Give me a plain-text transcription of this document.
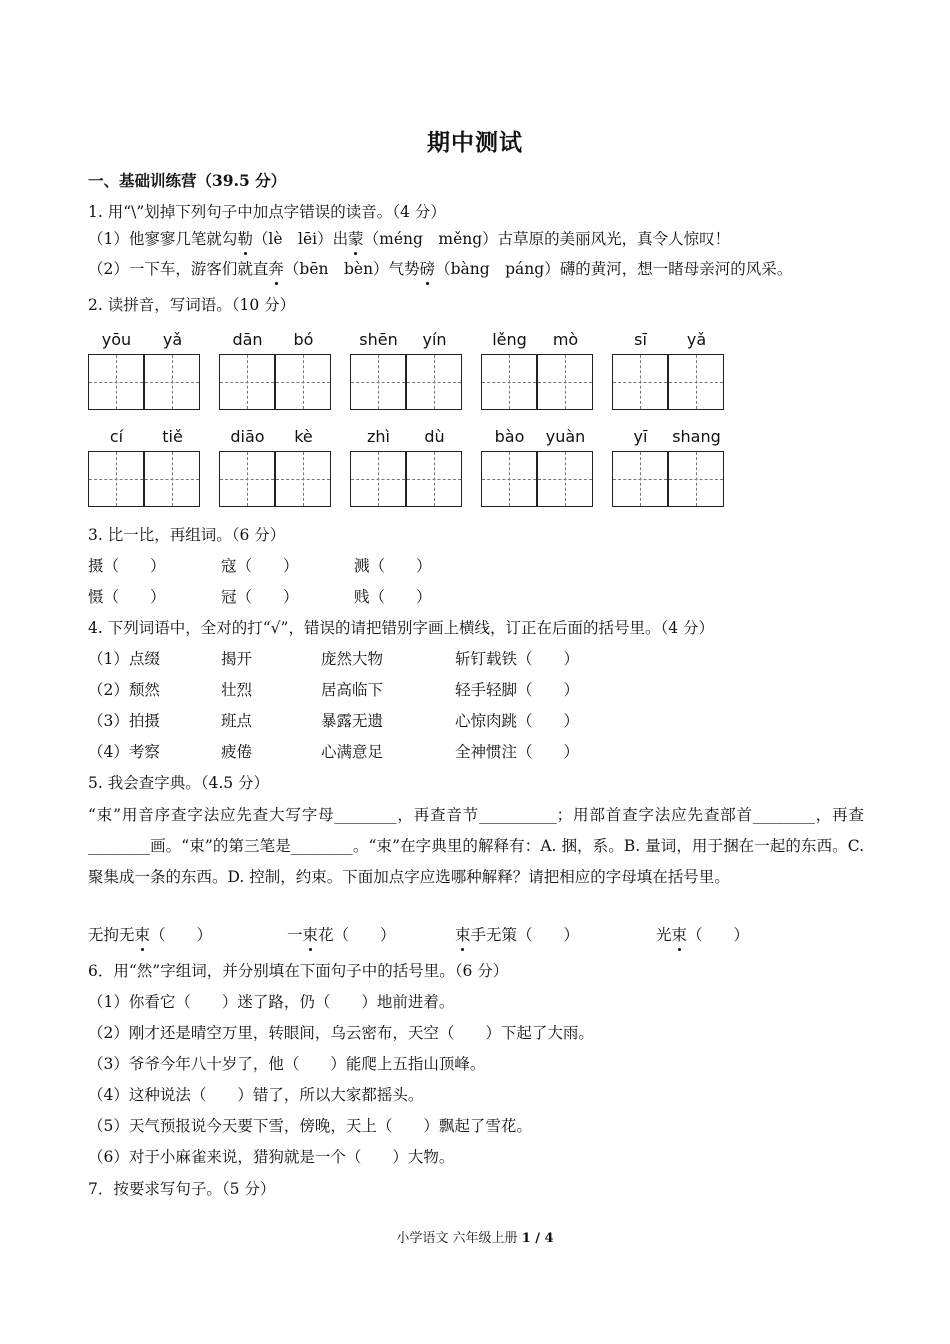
期中测试
一、基础训练营（39.5 分）
1. 用“\”划掉下列句子中加点字错误的读音。（4 分）
（1）他寥寥几笔就勾勒（lè　lēi）出蒙（méng　měng）古草原的美丽风光，真令人惊叹！
（2）一下车，游客们就直奔（bēn　bèn）气势磅（bàng　páng）礴的黄河，想一睹母亲河的风采。
2. 读拼音，写词语。（10 分）
yōu	yǎ	dān	bó	shēn	yín	lěng	mò	sī	yǎ
cí	tiě	diāo	kè	zhì	dù	bào	yuàn	yī	shang
3. 比一比，再组词。（6 分）
摄（　　）	寇（　　）	溅（　　）
慑（　　）	冠（　　）	贱（　　）
4. 下列词语中，全对的打“√”，错误的请把错别字画上横线，订正在后面的括号里。（4 分）
（1）点缀	揭开	庞然大物	斩钉载铁（　　）
（2）颓然	壮烈	居高临下	轻手轻脚（　　）
（3）拍摄	班点	暴露无遗	心惊肉跳（　　）
（4）考察	疲倦	心满意足	全神惯注（　　）
5. 我会查字典。（4.5 分）
“束”用音序查字法应先查大写字母________，再查音节__________；用部首查字法应先查部首________，再查________画。“束”的第三笔是________。“束”在字典里的解释有：A. 捆，系。B. 量词，用于捆在一起的东西。C. 聚集成一条的东西。D. 控制，约束。下面加点字应选哪种解释？请把相应的字母填在括号里。
无拘无束（　　）	一束花（　　）	束手无策（　　）	光束（　　）
6．用“然”字组词，并分别填在下面句子中的括号里。（6 分）
（1）你看它（　　）迷了路，仍（　　）地前进着。
（2）刚才还是晴空万里，转眼间，乌云密布，天空（　　）下起了大雨。
（3）爷爷今年八十岁了，他（　　）能爬上五指山顶峰。
（4）这种说法（　　）错了，所以大家都摇头。
（5）天气预报说今天要下雪，傍晚，天上（　　）飘起了雪花。
（6）对于小麻雀来说，猎狗就是一个（　　）大物。
7．按要求写句子。（5 分）
小学语文 六年级上册 1 / 4
